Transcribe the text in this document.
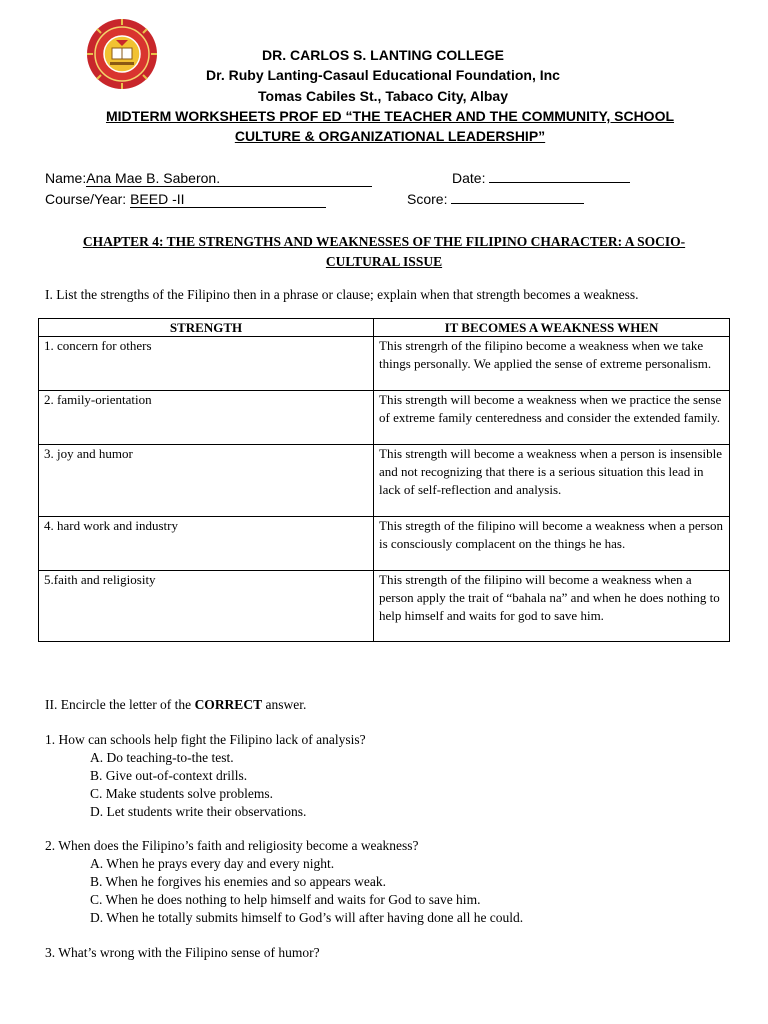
DR. CARLOS S. LANTING COLLEGE
Dr. Ruby Lanting-Casaul Educational Foundation, Inc
Tomas Cabiles St., Tabaco City, Albay
MIDTERM WORKSHEETS PROF ED “THE TEACHER AND THE COMMUNITY, SCHOOL
CULTURE & ORGANIZATIONAL LEADERSHIP”
Name:Ana Mae B. Saberon.
Course/Year: BEED -II
Date:
Score:
CHAPTER 4: THE STRENGTHS AND WEAKNESSES OF THE FILIPINO CHARACTER: A SOCIO-
CULTURAL ISSUE
I. List the strengths of the Filipino then in a phrase or clause; explain when that strength becomes a weakness.
STRENGTH	IT BECOMES A WEAKNESS WHEN
1. concern for others	This strengrh of the filipino become a weakness when we take things personally. We applied the sense of extreme personalism.
2. family-orientation	This strength will become a weakness when we practice the sense of extreme family centeredness and consider the extended family.
3. joy and humor	This strength will become a weakness when a person is insensible and not recognizing that there is a serious situation this lead in lack of self-reflection and analysis.
4. hard work and industry	This stregth of the filipino will become a weakness when a person is consciously complacent on the things he has.
5.faith and religiosity	This strength of the filipino will become a weakness when a person apply the trait of “bahala na” and when he does nothing to help himself and waits for god to save him.
II. Encircle the letter of the CORRECT answer.
1. How can schools help fight the Filipino lack of analysis?
A. Do teaching-to-the test.
B. Give out-of-context drills.
C. Make students solve problems.
D. Let students write their observations.
2. When does the Filipino’s faith and religiosity become a weakness?
A. When he prays every day and every night.
B. When he forgives his enemies and so appears weak.
C. When he does nothing to help himself and waits for God to save him.
D. When he totally submits himself to God’s will after having done all he could.
3. What’s wrong with the Filipino sense of humor?
